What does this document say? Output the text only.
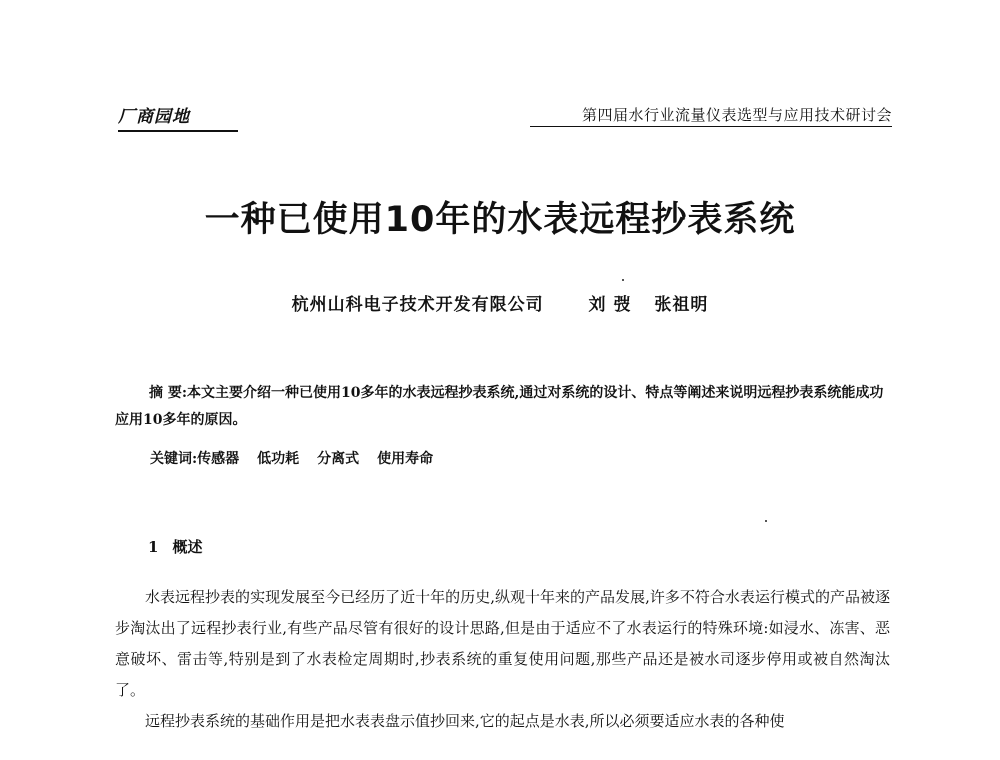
厂商园地	第四届水行业流量仪表选型与应用技术研讨会
一种已使用10年的水表远程抄表系统
杭州山科电子技术开发有限公司	刘 弢 张祖明
摘 要:本文主要介绍一种已使用10多年的水表远程抄表系统,通过对系统的设计、特点等阐述来说明远程抄表系统能成功应用10多年的原因。
关键词:传感器 低功耗 分离式 使用寿命
1 概述

水表远程抄表的实现发展至今已经历了近十年的历史,纵观十年来的产品发展,许多不符合水表运行模式的产品被逐步淘汰出了远程抄表行业,有些产品尽管有很好的设计思路,但是由于适应不了水表运行的特殊环境:如浸水、冻害、恶意破坏、雷击等,特别是到了水表检定周期时,抄表系统的重复使用问题,那些产品还是被水司逐步停用或被自然淘汰了。

远程抄表系统的基础作用是把水表表盘示值抄回来,它的起点是水表,所以必须要适应水表的各种使
